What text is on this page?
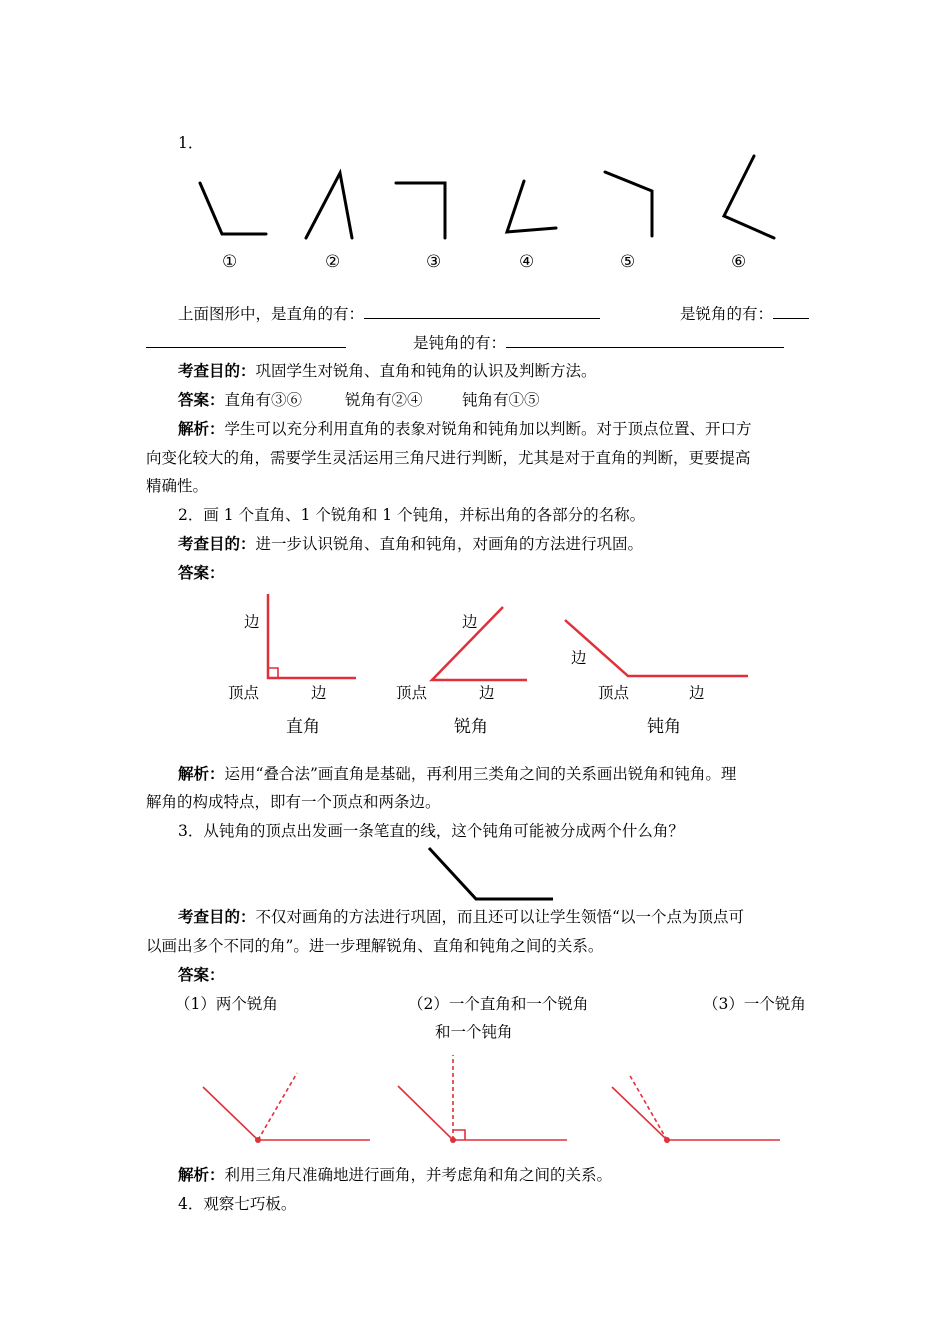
1．
①	②	③	④	⑤	⑥
上面图形中，是直角的有：	是锐角的有：
是钝角的有：
考查目的：巩固学生对锐角、直角和钝角的认识及判断方法。
答案：直角有③⑥	锐角有②④	钝角有①⑤
解析：学生可以充分利用直角的表象对锐角和钝角加以判断。对于顶点位置、开口方
向变化较大的角，需要学生灵活运用三角尺进行判断，尤其是对于直角的判断，更要提高
精确性。
2．画 1 个直角、1 个锐角和 1 个钝角，并标出角的各部分的名称。
考查目的：进一步认识锐角、直角和钝角，对画角的方法进行巩固。
答案：
边
顶点	边
直角
边
顶点	边
锐角
边
顶点	边
钝角
解析：运用“叠合法”画直角是基础，再利用三类角之间的关系画出锐角和钝角。理
解角的构成特点，即有一个顶点和两条边。
3．从钝角的顶点出发画一条笔直的线，这个钝角可能被分成两个什么角？
考查目的：不仅对画角的方法进行巩固，而且还可以让学生领悟“以一个点为顶点可
以画出多个不同的角”。进一步理解锐角、直角和钝角之间的关系。
答案：
（1）两个锐角	（2）一个直角和一个锐角	（3）一个锐角
和一个钝角
解析：利用三角尺准确地进行画角，并考虑角和角之间的关系。
4．观察七巧板。
